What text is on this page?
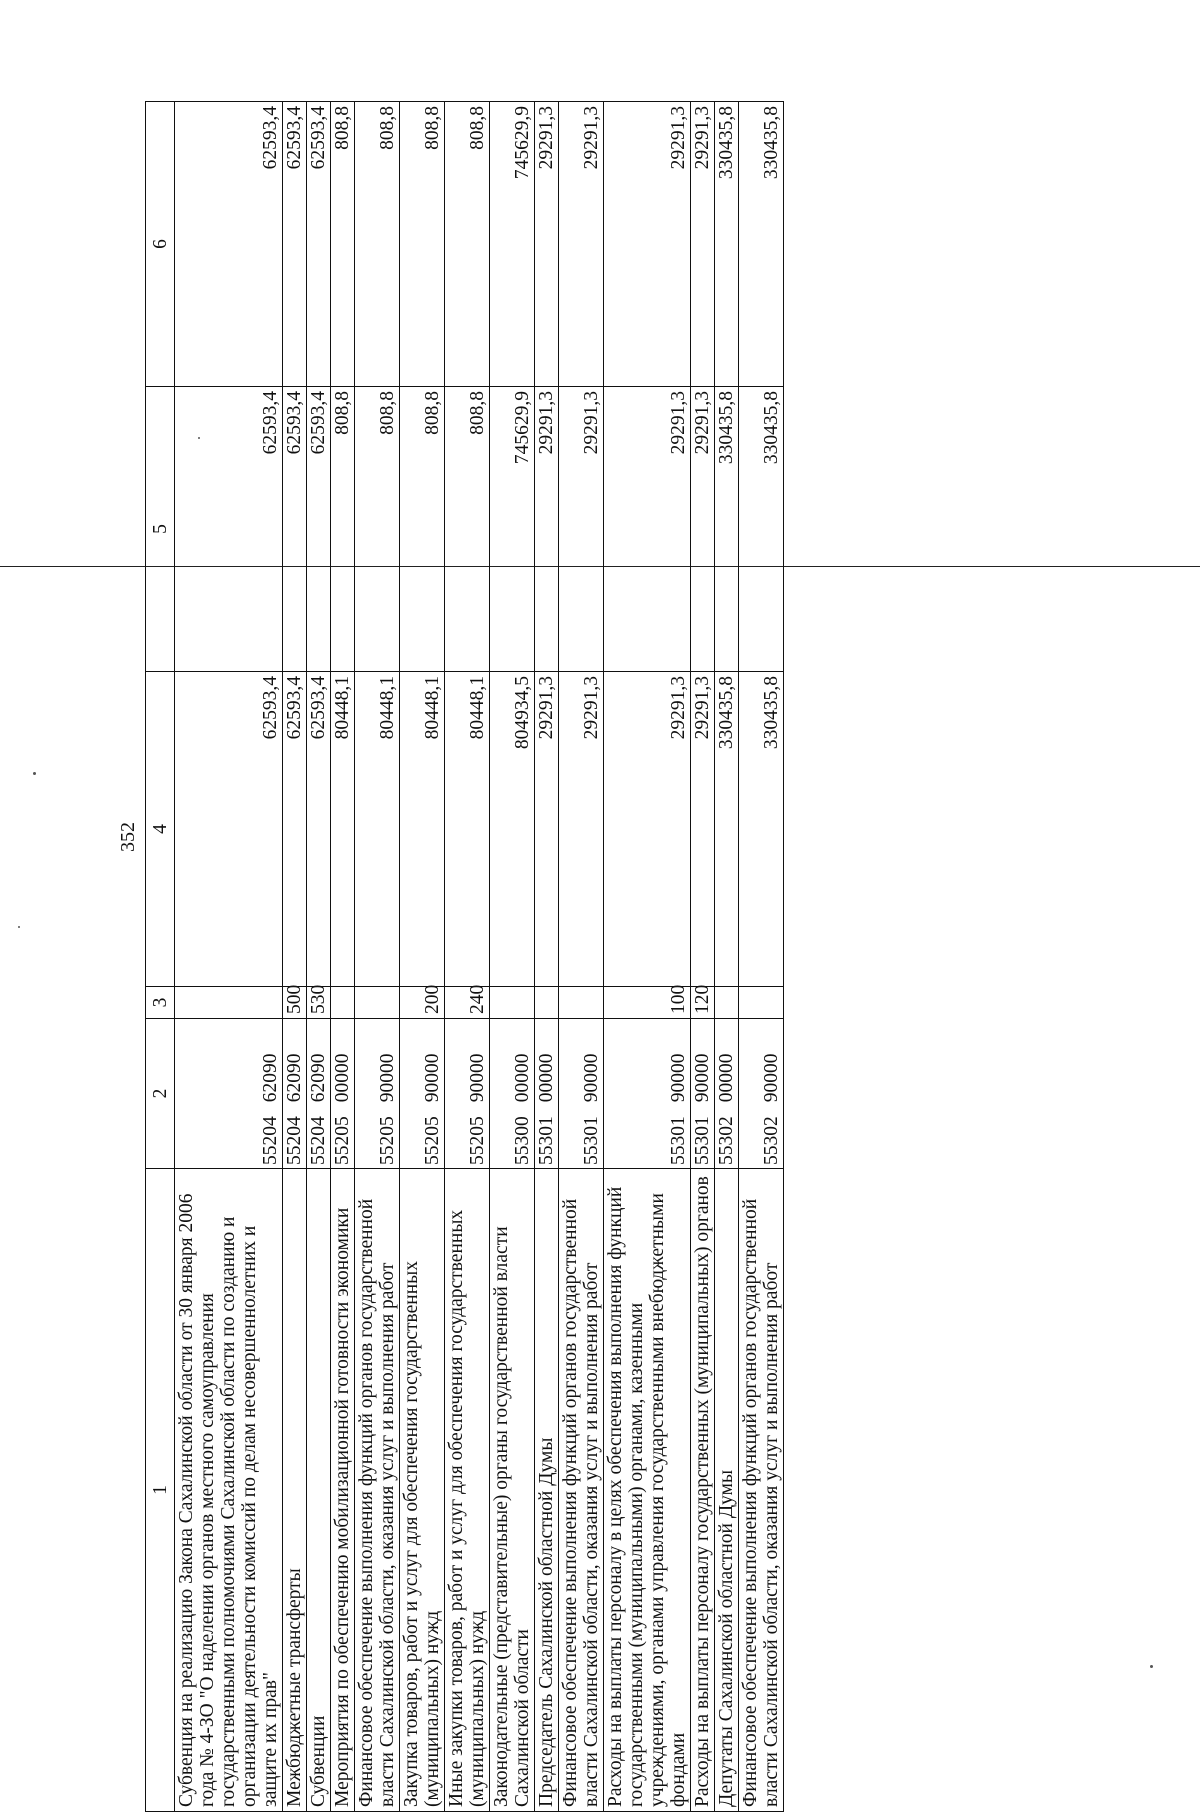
352
1	2	3	4	5	6
Субвенция на реализацию Закона Сахалинской области от 30 января 2006 года № 4-ЗО "О наделении органов местного самоуправления государственными полномочиями Сахалинской области по созданию и организации деятельности комиссий по делам несовершеннолетних и защите их прав"	5520462090		62593,4	62593,4	62593,4
Межбюджетные трансферты	5520462090	500	62593,4	62593,4	62593,4
Субвенции	5520462090	530	62593,4	62593,4	62593,4
Мероприятия по обеспечению мобилизационной готовности экономики	5520500000		80448,1	808,8	808,8
Финансовое обеспечение выполнения функций органов государственной власти Сахалинской области, оказания услуг и выполнения работ	5520590000		80448,1	808,8	808,8
Закупка товаров, работ и услуг для обеспечения государственных (муниципальных) нужд	5520590000	200	80448,1	808,8	808,8
Иные закупки товаров, работ и услуг для обеспечения государственных (муниципальных) нужд	5520590000	240	80448,1	808,8	808,8
Законодательные (представительные) органы государственной власти Сахалинской области	5530000000		804934,5	745629,9	745629,9
Председатель Сахалинской областной Думы	5530100000		29291,3	29291,3	29291,3
Финансовое обеспечение выполнения функций органов государственной власти Сахалинской области, оказания услуг и выполнения работ	5530190000		29291,3	29291,3	29291,3
Расходы на выплаты персоналу в целях обеспечения выполнения функций государственными (муниципальными) органами, казенными учреждениями, органами управления государственными внебюджетными фондами	5530190000	100	29291,3	29291,3	29291,3
Расходы на выплаты персоналу государственных (муниципальных) органов	5530190000	120	29291,3	29291,3	29291,3
Депутаты Сахалинской областной Думы	5530200000		330435,8	330435,8	330435,8
Финансовое обеспечение выполнения функций органов государственной власти Сахалинской области, оказания услуг и выполнения работ	5530290000		330435,8	330435,8	330435,8
